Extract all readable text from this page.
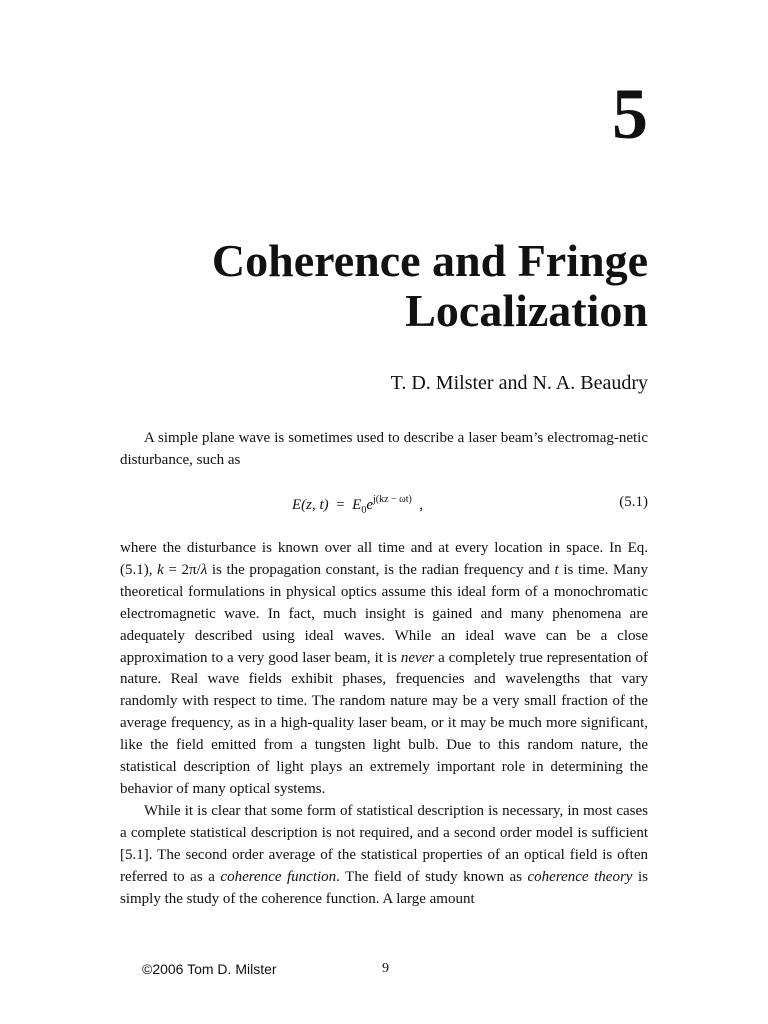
5
Coherence and Fringe
Localization
T. D. Milster and N. A. Beaudry

A simple plane wave is sometimes used to describe a laser beam’s electromag-netic disturbance, such as

E(z, $t) = E_0e^{j(kz - \omega t)}$ ,	(5.1)

where the disturbance is known over all time and at every location in space. In Eq. (5.1), k = 2π/λ is the propagation constant, is the radian frequency and t is time. Many theoretical formulations in physical optics assume this ideal form of a monochromatic electromagnetic wave. In fact, much insight is gained and many phenomena are adequately described using ideal waves. While an ideal wave can be a close approximation to a very good laser beam, it is never a completely true representation of nature. Real wave fields exhibit phases, frequencies and wavelengths that vary randomly with respect to time. The random nature may be a very small fraction of the average frequency, as in a high-quality laser beam, or it may be much more significant, like the field emitted from a tungsten light bulb. Due to this random nature, the statistical description of light plays an extremely important role in determining the behavior of many optical systems.

While it is clear that some form of statistical description is necessary, in most cases a complete statistical description is not required, and a second order model is sufficient [5.1]. The second order average of the statistical properties of an optical field is often referred to as a coherence function. The field of study known as coherence theory is simply the study of the coherence function. A large amount

©2006 Tom D. Milster	9
